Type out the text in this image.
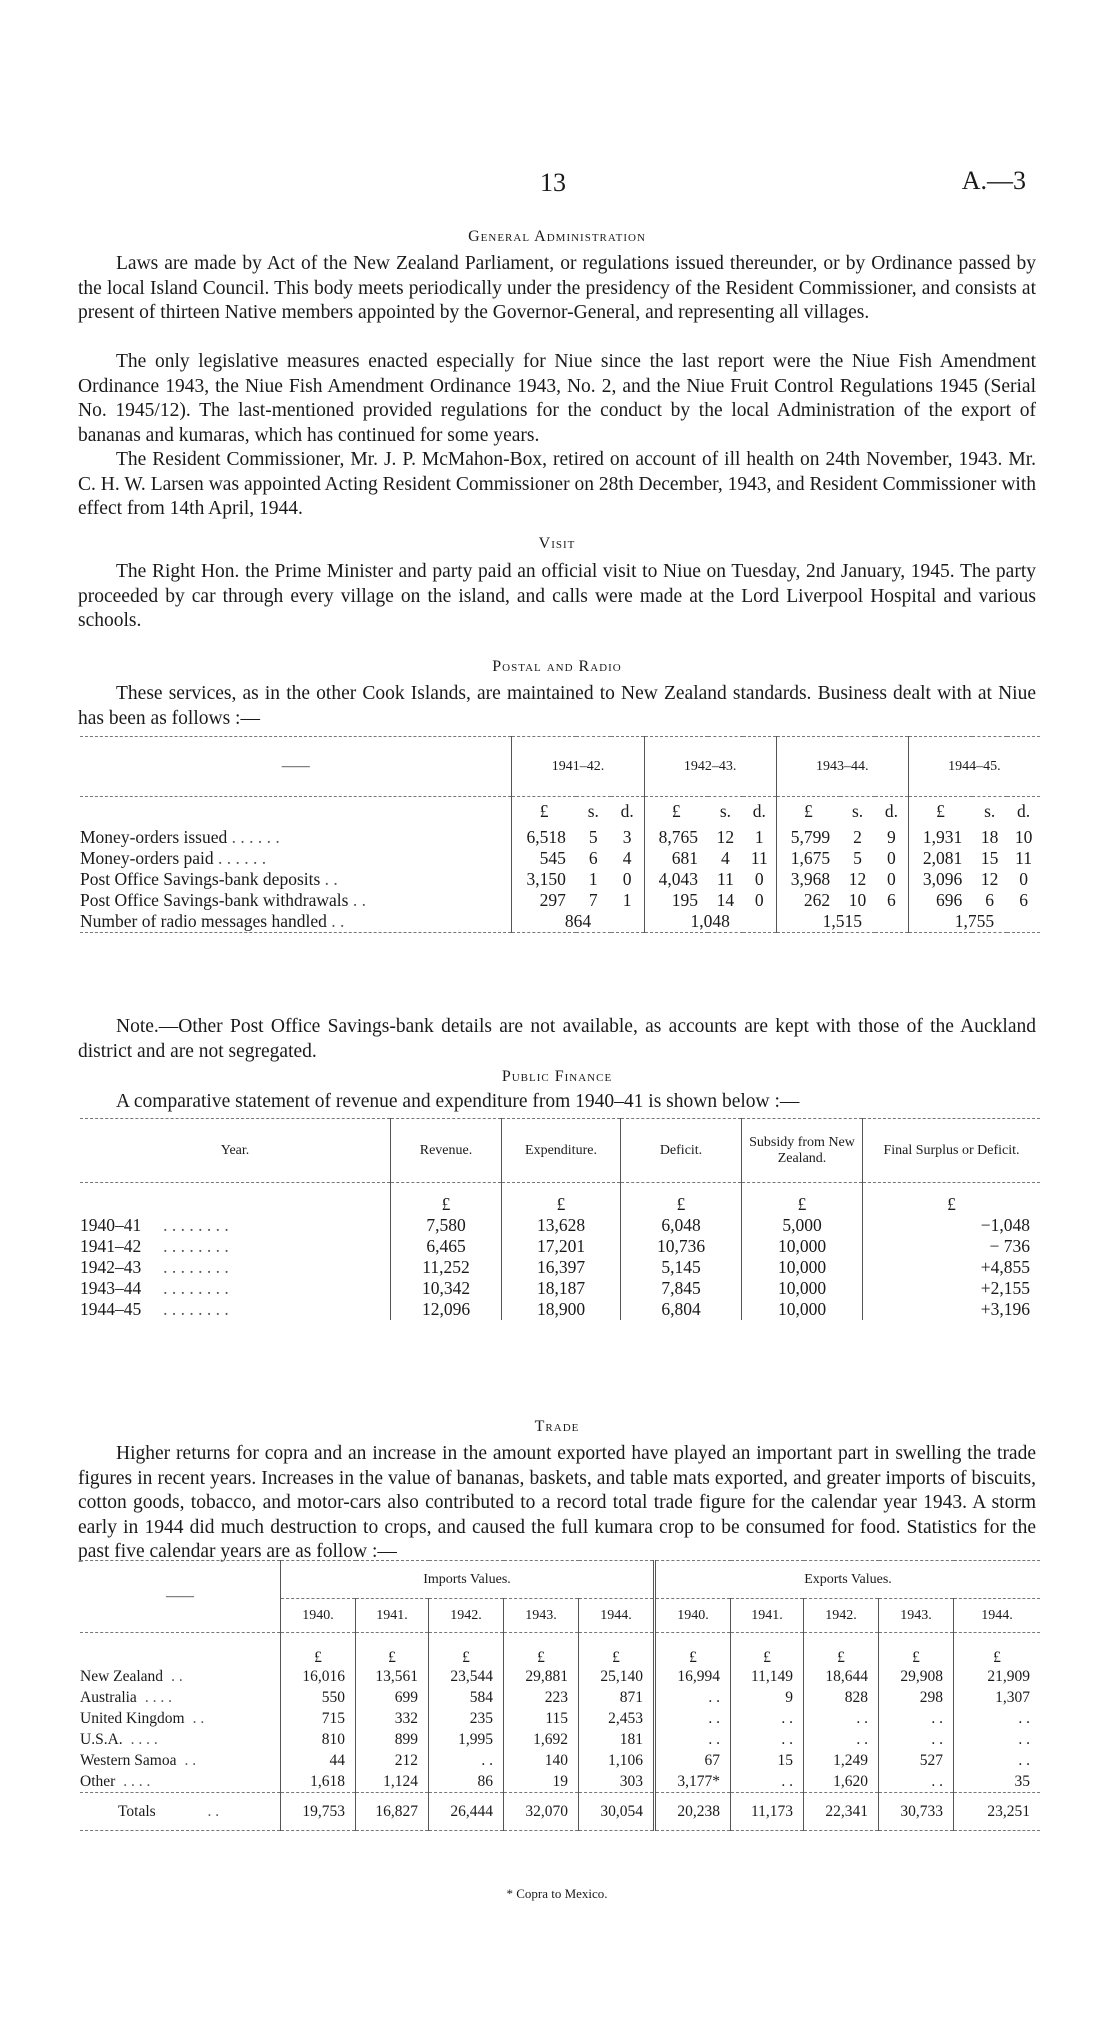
13	A.—3
General Administration
Laws are made by Act of the New Zealand Parliament, or regulations issued thereunder, or by Ordinance passed by the local Island Council. This body meets periodically under the presidency of the Resident Commissioner, and consists at present of thirteen Native members appointed by the Governor-General, and representing all villages.
The only legislative measures enacted especially for Niue since the last report were the Niue Fish Amendment Ordinance 1943, the Niue Fish Amendment Ordinance 1943, No. 2, and the Niue Fruit Control Regulations 1945 (Serial No. 1945/12). The last-mentioned provided regulations for the conduct by the local Administration of the export of bananas and kumaras, which has continued for some years.
The Resident Commissioner, Mr. J. P. McMahon-Box, retired on account of ill health on 24th November, 1943. Mr. C. H. W. Larsen was appointed Acting Resident Commissioner on 28th December, 1943, and Resident Commissioner with effect from 14th April, 1944.
Visit
The Right Hon. the Prime Minister and party paid an official visit to Niue on Tuesday, 2nd January, 1945. The party proceeded by car through every village on the island, and calls were made at the Lord Liverpool Hospital and various schools.
Postal and Radio
These services, as in the other Cook Islands, are maintained to New Zealand standards. Business dealt with at Niue has been as follows :—
——	1941–42.			1942–43.			1943–44.			1944–45.		
	£	s.	d.	£	s.	d.	£	s.	d.	£	s.	d.
Money-orders issued . . . . . .	6,518	5	3	8,765	12	1	5,799	2	9	1,931	18	10
Money-orders paid . . . . . .	545	6	4	681	4	11	1,675	5	0	2,081	15	11
Post Office Savings-bank deposits . .	3,150	1	0	4,043	11	0	3,968	12	0	3,096	12	0
Post Office Savings-bank withdrawals . .	297	7	1	195	14	0	262	10	6	696	6	6
Number of radio messages handled . .	864			1,048			1,515			1,755		

Note.—Other Post Office Savings-bank details are not available, as accounts are kept with those of the Auckland district and are not segregated.
Public Finance
A comparative statement of revenue and expenditure from 1940–41 is shown below :—
Year.	Revenue.	Expenditure.	Deficit.	Subsidy from New Zealand.	Final Surplus or Deficit.
	£	£	£	£	£
1940–41 . . . . . . . .	7,580	13,628	6,048	5,000	−1,048
1941–42 . . . . . . . .	6,465	17,201	10,736	10,000	− 736
1942–43 . . . . . . . .	11,252	16,397	5,145	10,000	+4,855
1943–44 . . . . . . . .	10,342	18,187	7,845	10,000	+2,155
1944–45 . . . . . . . .	12,096	18,900	6,804	10,000	+3,196

Trade
Higher returns for copra and an increase in the amount exported have played an important part in swelling the trade figures in recent years. Increases in the value of bananas, baskets, and table mats exported, and greater imports of biscuits, cotton goods, tobacco, and motor-cars also contributed to a record total trade figure for the calendar year 1943. A storm early in 1944 did much destruction to crops, and caused the full kumara crop to be consumed for food. Statistics for the past five calendar years are as follow :—
——	Imports Values.					Exports Values.				
	1940.	1941.	1942.	1943.	1944.	1940.	1941.	1942.	1943.	1944.
	£	£	£	£	£	£	£	£	£	£
New Zealand . .	16,016	13,561	23,544	29,881	25,140	16,994	11,149	18,644	29,908	21,909
Australia . . . .	550	699	584	223	871	. .	9	828	298	1,307
United Kingdom . .	715	332	235	115	2,453	. .	. .	. .	. .	. .
U.S.A. . . . .	810	899	1,995	1,692	181	. .	. .	. .	. .	. .
Western Samoa . .	44	212	. .	140	1,106	67	15	1,249	527	. .
Other . . . .	1,618	1,124	86	19	303	3,177*	. .	1,620	. .	35
Totals . .	19,753	16,827	26,444	32,070	30,054	20,238	11,173	22,341	30,733	23,251

* Copra to Mexico.
